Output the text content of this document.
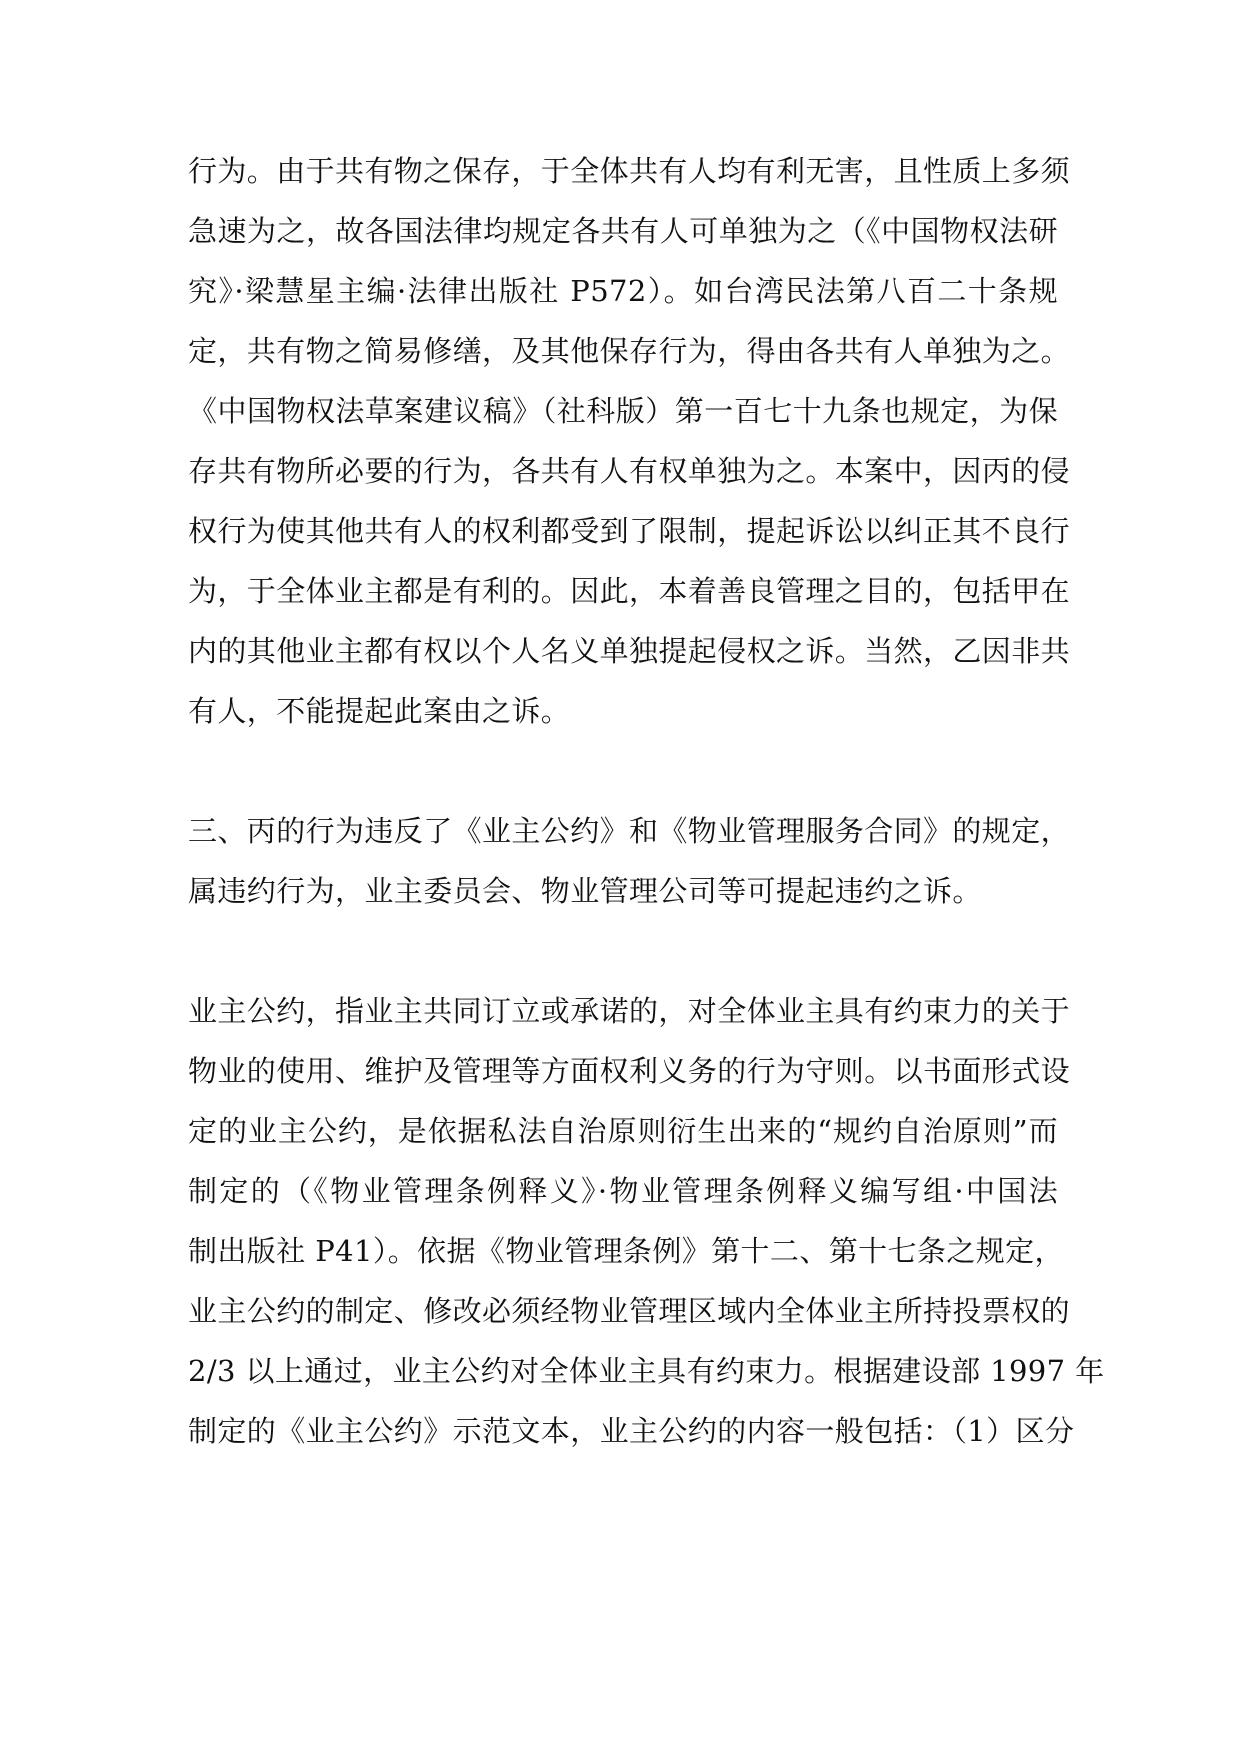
行为。由于共有物之保存，于全体共有人均有利无害，且性质上多须
急速为之，故各国法律均规定各共有人可单独为之（《中国物权法研
究》·梁慧星主编·法律出版社 P572）。如台湾民法第八百二十条规
定，共有物之简易修缮，及其他保存行为，得由各共有人单独为之。
《中国物权法草案建议稿》（社科版）第一百七十九条也规定，为保
存共有物所必要的行为，各共有人有权单独为之。本案中，因丙的侵
权行为使其他共有人的权利都受到了限制，提起诉讼以纠正其不良行
为，于全体业主都是有利的。因此，本着善良管理之目的，包括甲在
内的其他业主都有权以个人名义单独提起侵权之诉。当然，乙因非共
有人，不能提起此案由之诉。
三、丙的行为违反了《业主公约》和《物业管理服务合同》的规定，
属违约行为，业主委员会、物业管理公司等可提起违约之诉。
业主公约，指业主共同订立或承诺的，对全体业主具有约束力的关于
物业的使用、维护及管理等方面权利义务的行为守则。以书面形式设
定的业主公约，是依据私法自治原则衍生出来的“规约自治原则”而
制定的（《物业管理条例释义》·物业管理条例释义编写组·中国法
制出版社 P41）。依据《物业管理条例》第十二、第十七条之规定，
业主公约的制定、修改必须经物业管理区域内全体业主所持投票权的
2/3 以上通过，业主公约对全体业主具有约束力。根据建设部 1997 年
制定的《业主公约》示范文本，业主公约的内容一般包括：（1）区分
